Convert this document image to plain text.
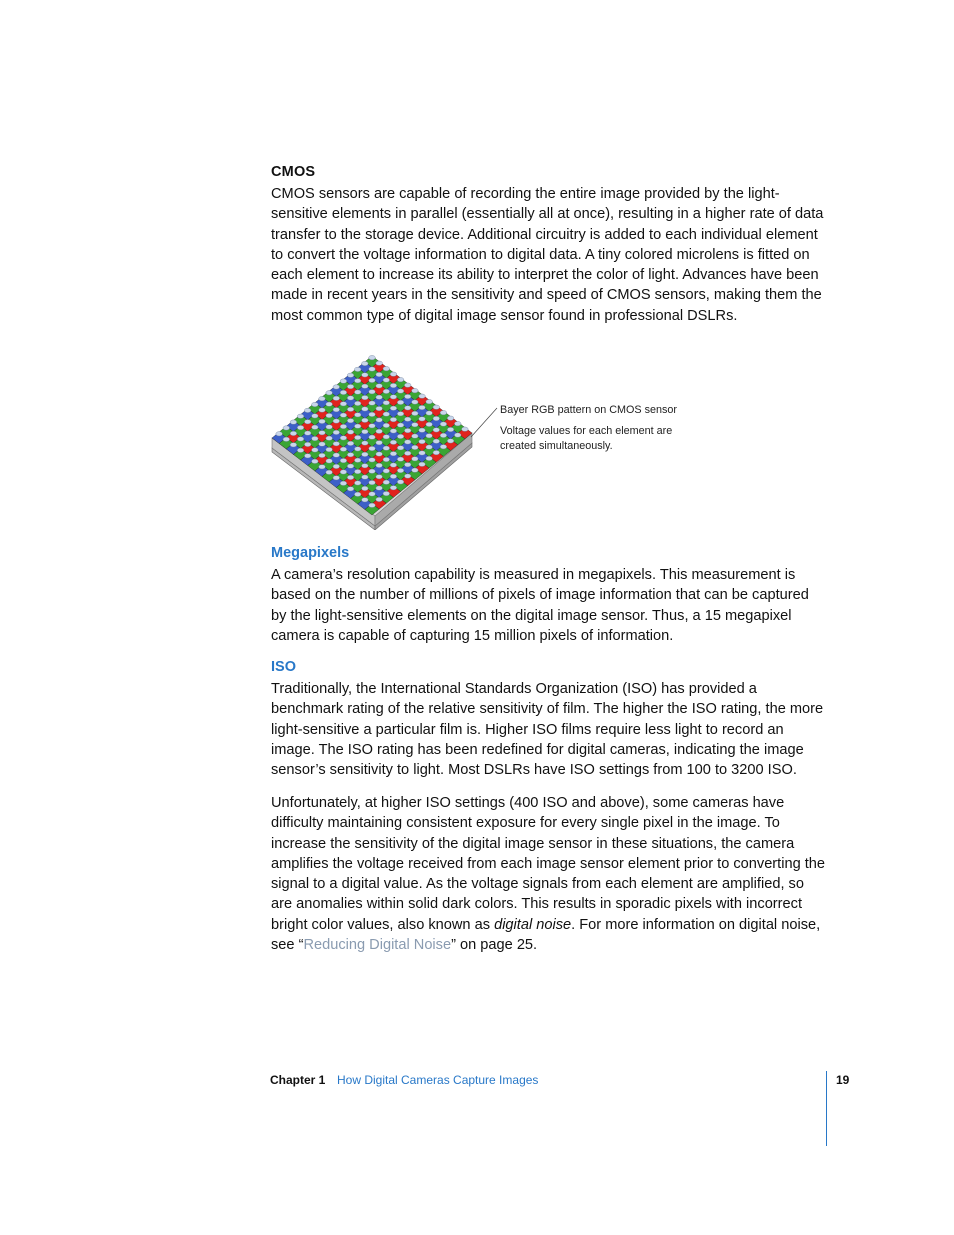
CMOS

CMOS sensors are capable of recording the entire image provided by the light-sensitive elements in parallel (essentially all at once), resulting in a higher rate of data transfer to the storage device. Additional circuitry is added to each individual element to convert the voltage information to digital data. A tiny colored microlens is fitted on each element to increase its ability to interpret the color of light. Advances have been made in recent years in the sensitivity and speed of CMOS sensors, making them the most common type of digital image sensor found in professional DSLRs.

Bayer RGB pattern on CMOS sensor
Voltage values for each element are created simultaneously.
Megapixels

A camera’s resolution capability is measured in megapixels. This measurement is based on the number of millions of pixels of image information that can be captured by the light-sensitive elements on the digital image sensor. Thus, a 15 megapixel camera is capable of capturing 15 million pixels of information.

ISO

Traditionally, the International Standards Organization (ISO) has provided a benchmark rating of the relative sensitivity of film. The higher the ISO rating, the more light-sensitive a particular film is. Higher ISO films require less light to record an image. The ISO rating has been redefined for digital cameras, indicating the image sensor’s sensitivity to light. Most DSLRs have ISO settings from 100 to 3200 ISO.

Unfortunately, at higher ISO settings (400 ISO and above), some cameras have difficulty maintaining consistent exposure for every single pixel in the image. To increase the sensitivity of the digital image sensor in these situations, the camera amplifies the voltage received from each image sensor element prior to converting the signal to a digital value. As the voltage signals from each element are amplified, so are anomalies within solid dark colors. This results in sporadic pixels with incorrect bright color values, also known as digital noise. For more information on digital noise, see “Reducing Digital Noise” on page 25.

Chapter 1 How Digital Cameras Capture Images	19
